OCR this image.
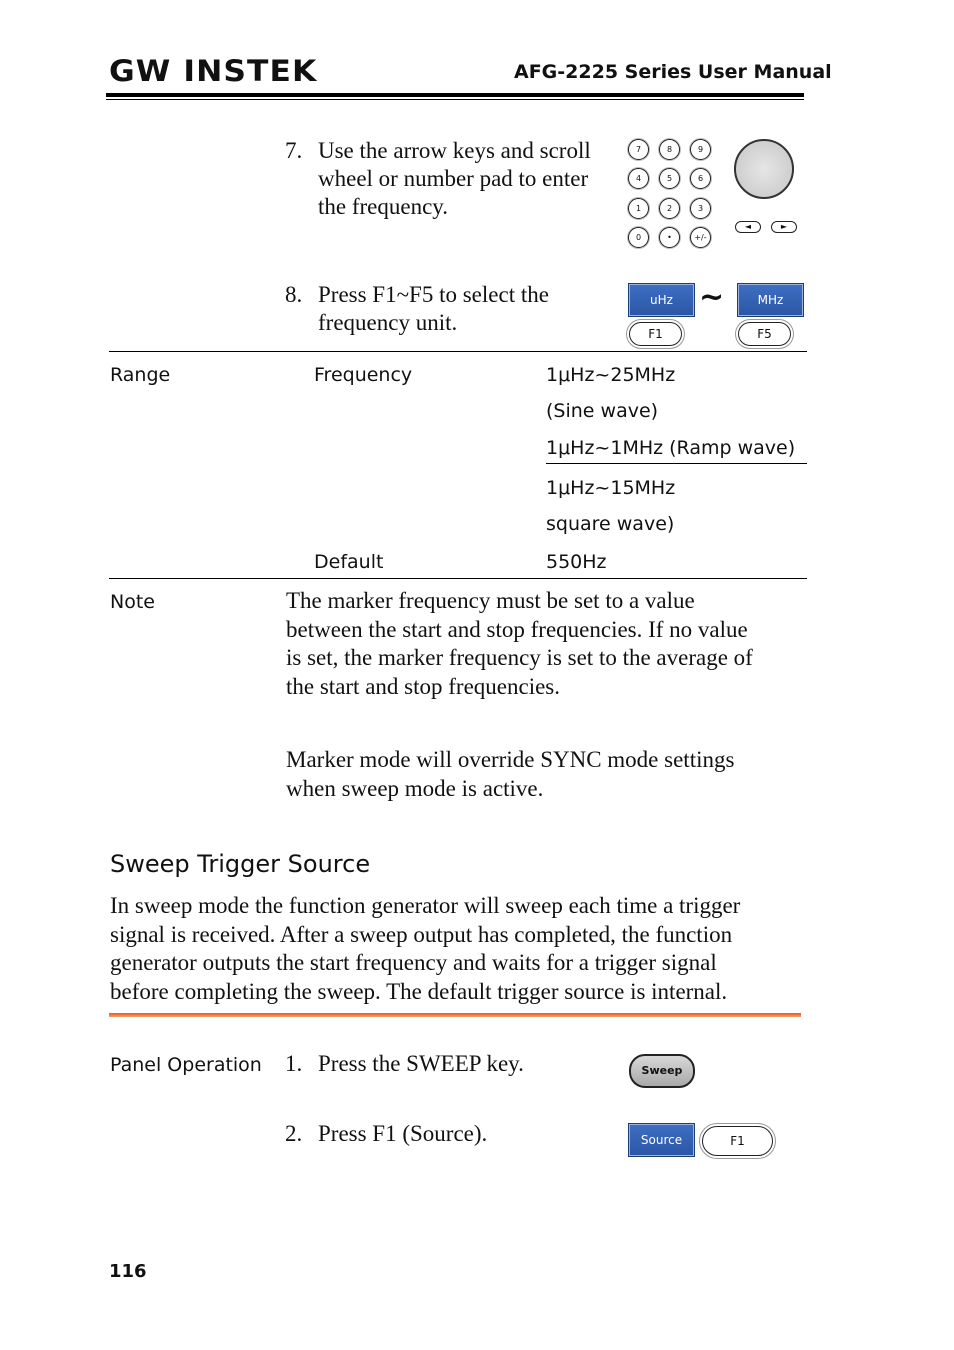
GW INSTEK	AFG-2225 Series User Manual
7. Use the arrow keys and scroll
wheel or number pad to enter
the frequency.
7	8	9
4	5	6
1	2	3
0	•	+/-
◄	►
8. Press F1~F5 to select the
frequency unit.
uHz
F1
~	MHz
F5
Range	Frequency	1μHz~25MHz
(Sine wave)
1μHz~1MHz (Ramp wave)
1μHz~15MHz
square wave)
Default	550Hz
Note	The marker frequency must be set to a value
between the start and stop frequencies. If no value
is set, the marker frequency is set to the average of
the start and stop frequencies.
Marker mode will override SYNC mode settings
when sweep mode is active.
Sweep Trigger Source
In sweep mode the function generator will sweep each time a trigger
signal is received. After a sweep output has completed, the function
generator outputs the start frequency and waits for a trigger signal
before completing the sweep. The default trigger source is internal.
Panel Operation 1. Press the SWEEP key.	Sweep
2. Press F1 (Source).	Source	F1
116
